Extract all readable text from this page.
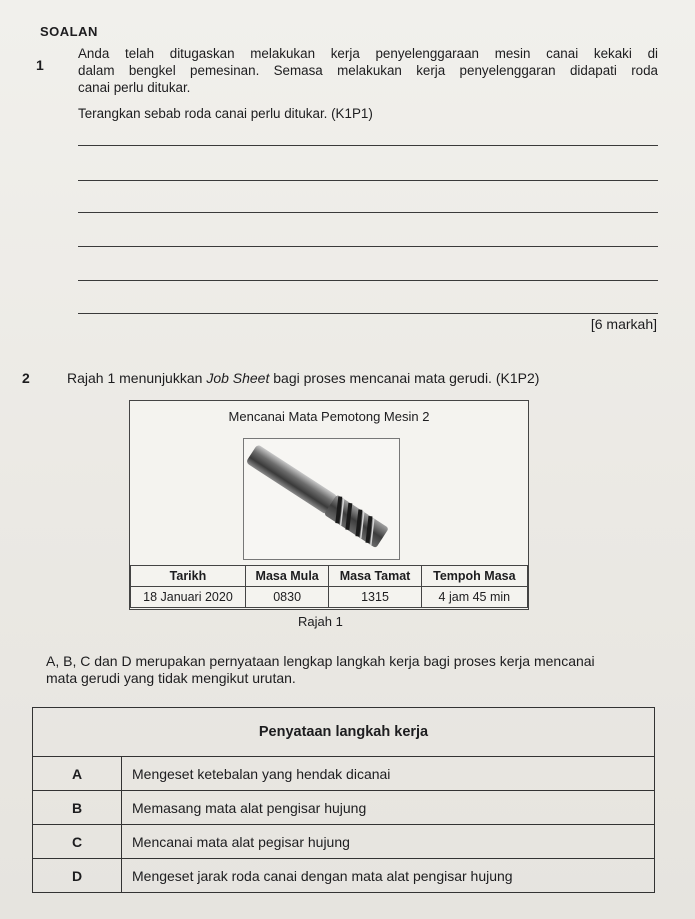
SOALAN
1
Anda telah ditugaskan melakukan kerja penyelenggaraan mesin canai kekaki di
dalam bengkel pemesinan. Semasa melakukan kerja penyelenggaran didapati roda
canai perlu ditukar.
Terangkan sebab roda canai perlu ditukar. (K1P1)
[6 markah]
2	Rajah 1 menunjukkan Job Sheet bagi proses mencanai mata gerudi. (K1P2)
Mencanai Mata Pemotong Mesin 2
Tarikh	Masa Mula	Masa Tamat	Tempoh Masa
18 Januari 2020	0830	1315	4 jam 45 min
Rajah 1
A, B, C dan D merupakan pernyataan lengkap langkah kerja bagi proses kerja mencanai
mata gerudi yang tidak mengikut urutan.
Penyataan langkah kerja	
A	Mengeset ketebalan yang hendak dicanai
B	Memasang mata alat pengisar hujung
C	Mencanai mata alat pegisar hujung
D	Mengeset jarak roda canai dengan mata alat pengisar hujung
